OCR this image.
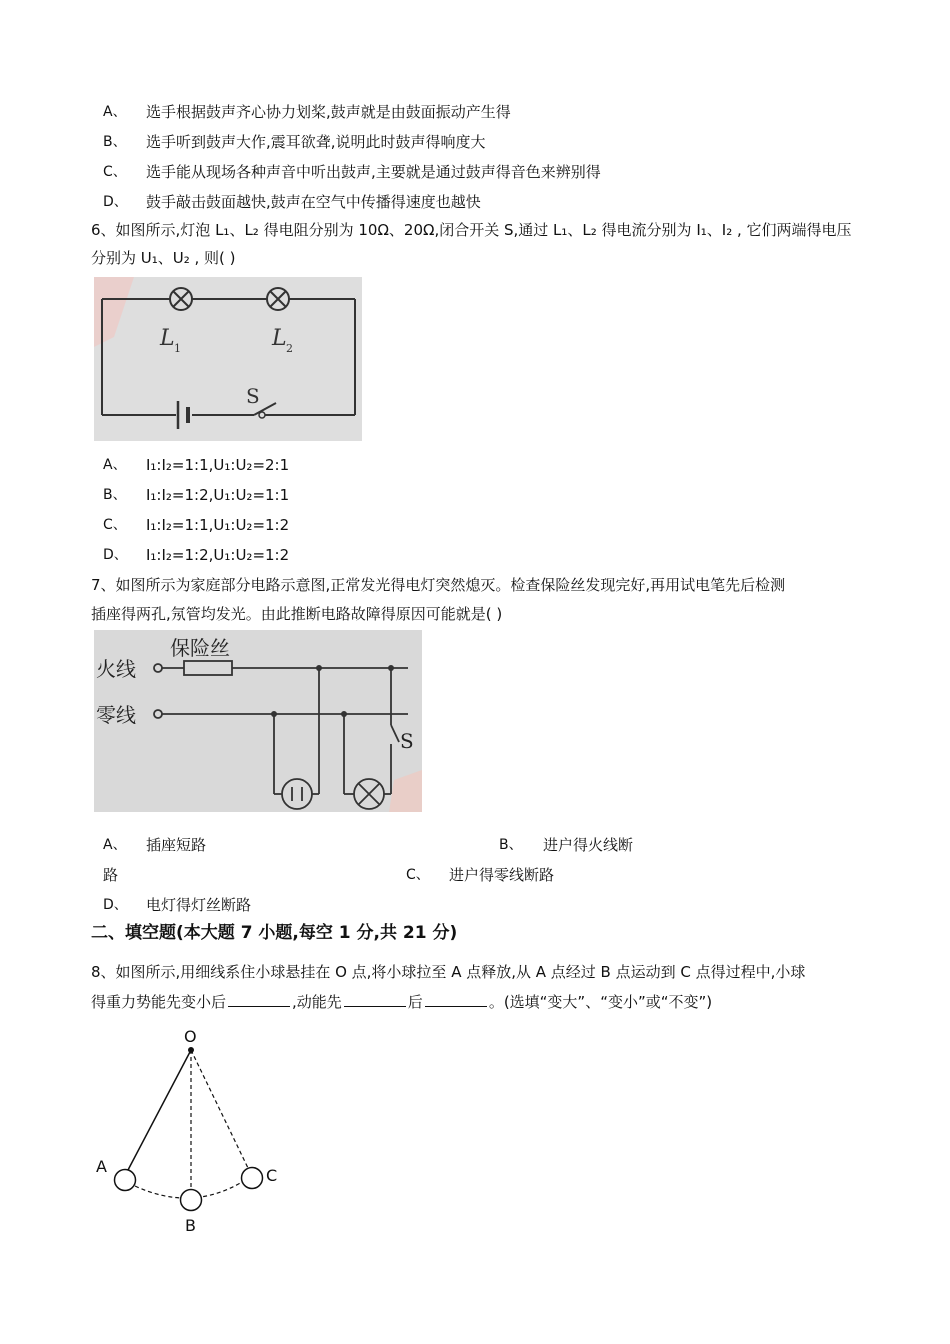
A、 选手根据鼓声齐心协力划桨,鼓声就是由鼓面振动产生得
B、 选手听到鼓声大作,震耳欲聋,说明此时鼓声得响度大
C、 选手能从现场各种声音中听出鼓声,主要就是通过鼓声得音色来辨别得
D、 鼓手敲击鼓面越快,鼓声在空气中传播得速度也越快
6、如图所示,灯泡 L₁、L₂ 得电阻分别为 10Ω、20Ω,闭合开关 S,通过 L₁、L₂ 得电流分别为 I₁、I₂ , 它们两端得电压
分别为 U₁、U₂ , 则( )
L 1	L 2
S
A、 I₁:I₂=1:1,U₁:U₂=2:1
B、 I₁:I₂=1:2,U₁:U₂=1:1
C、 I₁:I₂=1:1,U₁:U₂=1:2
D、 I₁:I₂=1:2,U₁:U₂=1:2
7、如图所示为家庭部分电路示意图,正常发光得电灯突然熄灭。检查保险丝发现完好,再用试电笔先后检测
插座得两孔,氖管均发光。由此推断电路故障得原因可能就是( )
保险丝
火线
零线
S
A、 插座短路	B、 进户得火线断
路	C、 进户得零线断路
D、 电灯得灯丝断路
二、填空题(本大题 7 小题,每空 1 分,共 21 分)
8、如图所示,用细线系住小球悬挂在 O 点,将小球拉至 A 点释放,从 A 点经过 B 点运动到 C 点得过程中,小球
得重力势能先变小后	,动能先	后	。(选填“变大”、“变小”或“不变”)
O
A
B
C
